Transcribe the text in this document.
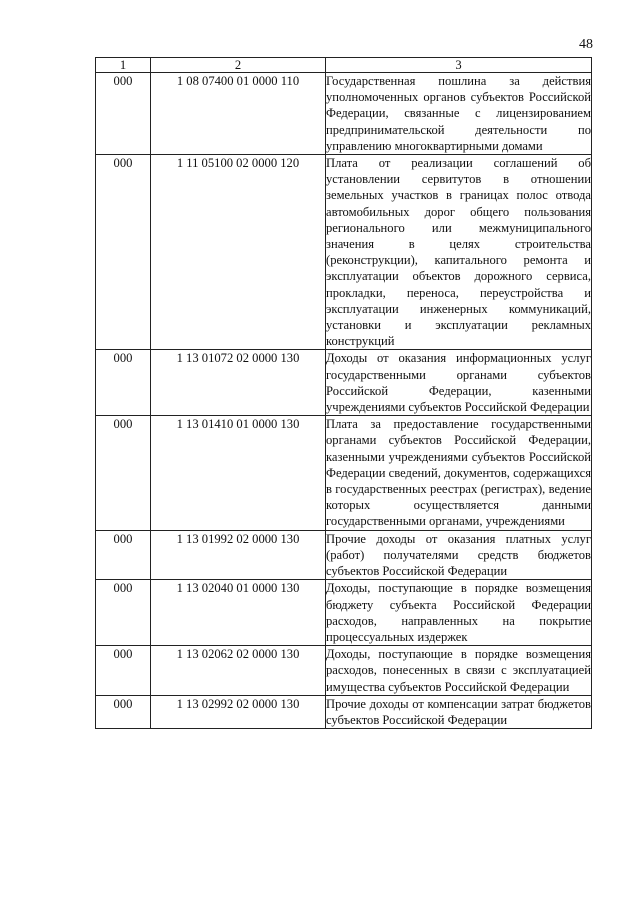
48
1	2	3
000	1 08 07400 01 0000 110	Государственная пошлина за действия уполномоченных органов субъектов Российской Федерации, связанные с лицензированием предпринимательской деятельности по управлению многоквартирными домами
000	1 11 05100 02 0000 120	Плата от реализации соглашений об установлении сервитутов в отношении земельных участков в границах полос отвода автомобильных дорог общего пользования регионального или межмуниципального значения в целях строительства (реконструкции), капитального ремонта и эксплуатации объектов дорожного сервиса, прокладки, переноса, переустройства и эксплуатации инженерных коммуникаций, установки и эксплуатации рекламных конструкций
000	1 13 01072 02 0000 130	Доходы от оказания информационных услуг государственными органами субъектов Российской Федерации, казенными учреждениями субъектов Российской Федерации
000	1 13 01410 01 0000 130	Плата за предоставление государственными органами субъектов Российской Федерации, казенными учреждениями субъектов Российской Федерации сведений, документов, содержащихся в государственных реестрах (регистрах), ведение которых осуществляется данными государственными органами, учреждениями
000	1 13 01992 02 0000 130	Прочие доходы от оказания платных услуг (работ) получателями средств бюджетов субъектов Российской Федерации
000	1 13 02040 01 0000 130	Доходы, поступающие в порядке возмещения бюджету субъекта Российской Федерации расходов, направленных на покрытие процессуальных издержек
000	1 13 02062 02 0000 130	Доходы, поступающие в порядке возмещения расходов, понесенных в связи с эксплуатацией имущества субъектов Российской Федерации
000	1 13 02992 02 0000 130	Прочие доходы от компенсации затрат бюджетов субъектов Российской Федерации
